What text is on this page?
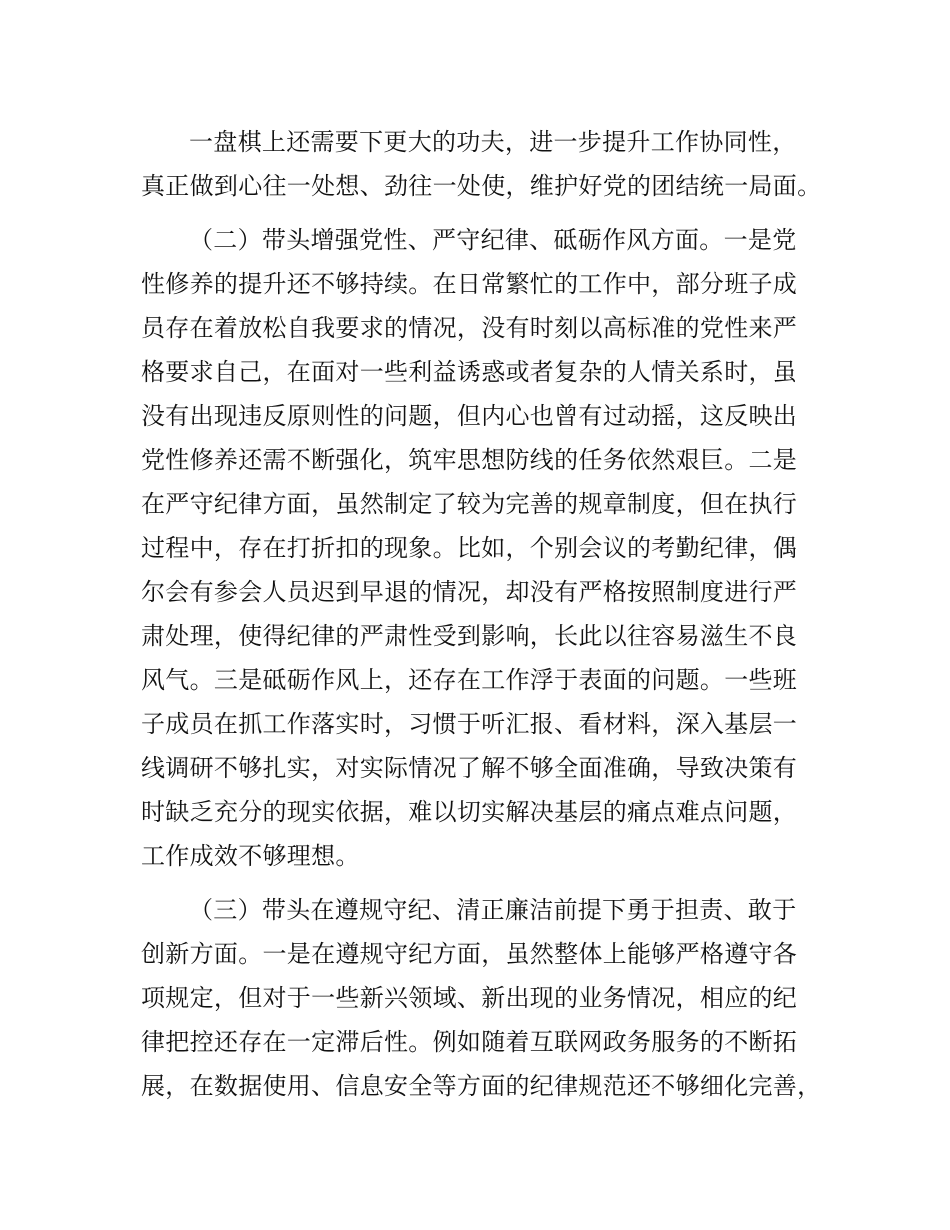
一盘棋上还需要下更大的功夫，进一步提升工作协同性，
真正做到心往一处想、劲往一处使，维护好党的团结统一局面。
（二）带头增强党性、严守纪律、砥砺作风方面。一是党
性修养的提升还不够持续。在日常繁忙的工作中，部分班子成
员存在着放松自我要求的情况，没有时刻以高标准的党性来严
格要求自己，在面对一些利益诱惑或者复杂的人情关系时，虽
没有出现违反原则性的问题，但内心也曾有过动摇，这反映出
党性修养还需不断强化，筑牢思想防线的任务依然艰巨。二是
在严守纪律方面，虽然制定了较为完善的规章制度，但在执行
过程中，存在打折扣的现象。比如，个别会议的考勤纪律，偶
尔会有参会人员迟到早退的情况，却没有严格按照制度进行严
肃处理，使得纪律的严肃性受到影响，长此以往容易滋生不良
风气。三是砥砺作风上，还存在工作浮于表面的问题。一些班
子成员在抓工作落实时，习惯于听汇报、看材料，深入基层一
线调研不够扎实，对实际情况了解不够全面准确，导致决策有
时缺乏充分的现实依据，难以切实解决基层的痛点难点问题，
工作成效不够理想。
（三）带头在遵规守纪、清正廉洁前提下勇于担责、敢于
创新方面。一是在遵规守纪方面，虽然整体上能够严格遵守各
项规定，但对于一些新兴领域、新出现的业务情况，相应的纪
律把控还存在一定滞后性。例如随着互联网政务服务的不断拓
展，在数据使用、信息安全等方面的纪律规范还不够细化完善，
